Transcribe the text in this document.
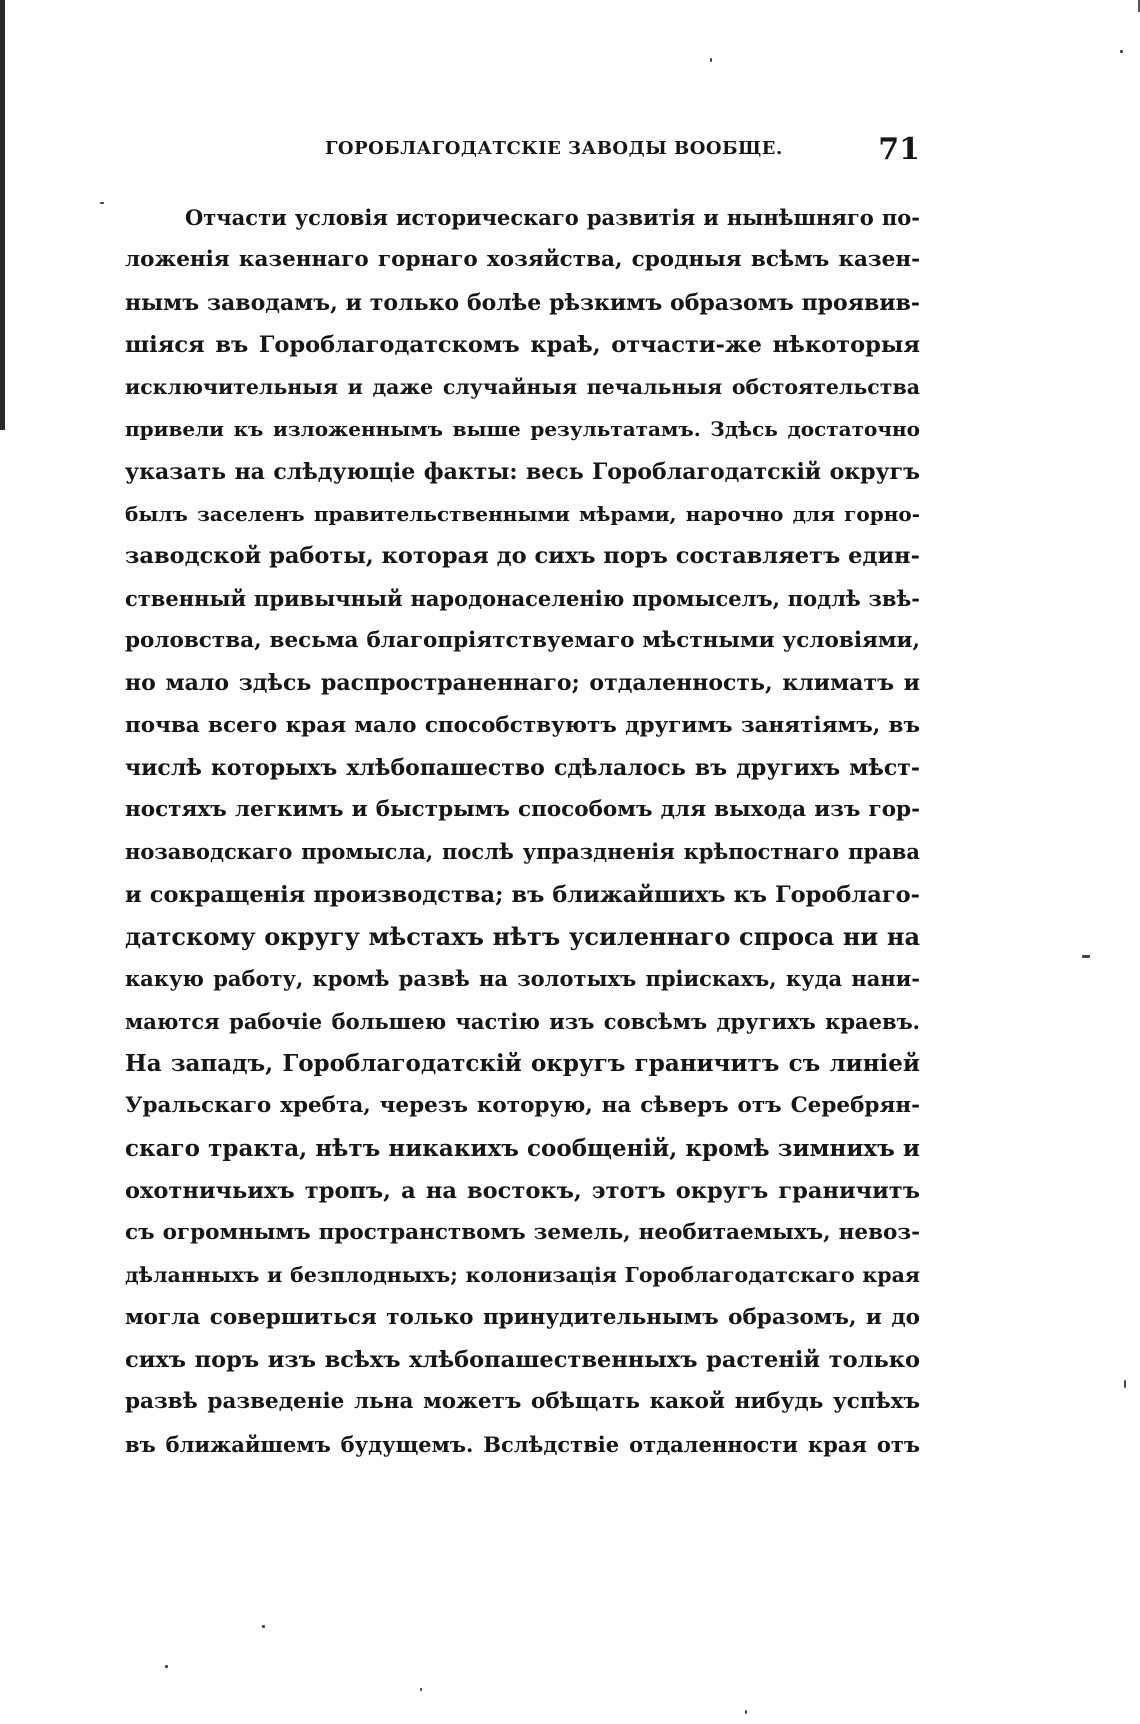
ГОРОБЛАГОДАТСКІЕ ЗАВОДЫ ВООБЩЕ.	71
Отчасти условія историческаго развитія и нынѣшняго по-
ложенія казеннаго горнаго хозяйства, сродныя всѣмъ казен-
нымъ заводамъ, и только болѣе рѣзкимъ образомъ проявив-
шіяся въ Гороблагодатскомъ краѣ, отчасти-же нѣкоторыя
исключительныя и даже случайныя печальныя обстоятельства
привели къ изложеннымъ выше результатамъ. Здѣсь достаточно
указать на слѣдующіе факты: весь Гороблагодатскій округъ
былъ заселенъ правительственными мѣрами, нарочно для горно-
заводской работы, которая до сихъ поръ составляетъ един-
ственный привычный народонаселенію промыселъ, подлѣ звѣ-
роловства, весьма благопріятствуемаго мѣстными условіями,
но мало здѣсь распространеннаго; отдаленность, климатъ и
почва всего края мало способствуютъ другимъ занятіямъ, въ
числѣ которыхъ хлѣбопашество сдѣлалось въ другихъ мѣст-
ностяхъ легкимъ и быстрымъ способомъ для выхода изъ гор-
нозаводскаго промысла, послѣ упраздненія крѣпостнаго права
и сокращенія производства; въ ближайшихъ къ Гороблаго-
датскому округу мѣстахъ нѣтъ усиленнаго спроса ни на
какую работу, кромѣ развѣ на золотыхъ пріискахъ, куда нани-
маются рабочіе большею частію изъ совсѣмъ другихъ краевъ.
На западъ, Гороблагодатскій округъ граничитъ съ линіей
Уральскаго хребта, черезъ которую, на сѣверъ отъ Серебрян-
скаго тракта, нѣтъ никакихъ сообщеній, кромѣ зимнихъ и
охотничьихъ тропъ, а на востокъ, этотъ округъ граничитъ
съ огромнымъ пространствомъ земель, необитаемыхъ, невоз-
дѣланныхъ и безплодныхъ; колонизація Гороблагодатскаго края
могла совершиться только принудительнымъ образомъ, и до
сихъ поръ изъ всѣхъ хлѣбопашественныхъ растеній только
развѣ разведеніе льна можетъ обѣщать какой нибудь успѣхъ
въ ближайшемъ будущемъ. Вслѣдствіе отдаленности края отъ
